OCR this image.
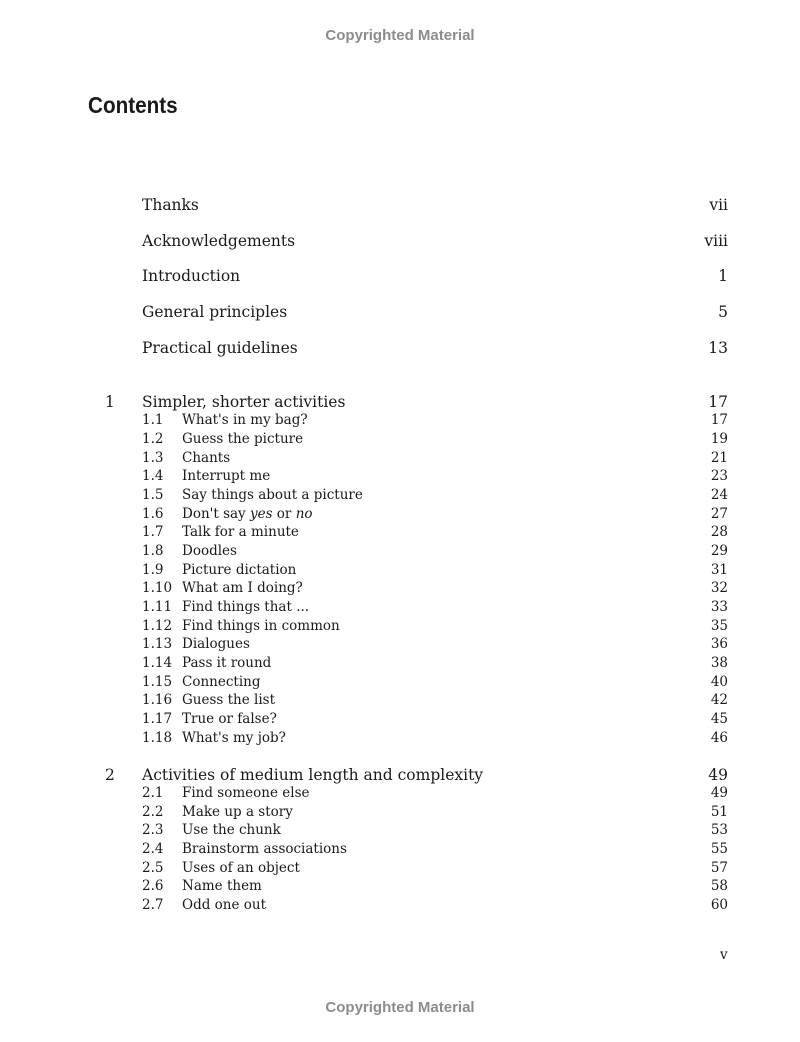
Copyrighted Material
Contents
Thanks	vii
Acknowledgements	viii
Introduction	1
General principles	5
Practical guidelines	13
1 Simpler, shorter activities	17
1.1 What's in my bag?	17
1.2 Guess the picture	19
1.3 Chants	21
1.4 Interrupt me	23
1.5 Say things about a picture	24
1.6 Don't say yes or no	27
1.7 Talk for a minute	28
1.8 Doodles	29
1.9 Picture dictation	31
1.10 What am I doing?	32
1.11 Find things that ...	33
1.12 Find things in common	35
1.13 Dialogues	36
1.14 Pass it round	38
1.15 Connecting	40
1.16 Guess the list	42
1.17 True or false?	45
1.18 What's my job?	46
2 Activities of medium length and complexity	49
2.1 Find someone else	49
2.2 Make up a story	51
2.3 Use the chunk	53
2.4 Brainstorm associations	55
2.5 Uses of an object	57
2.6 Name them	58
2.7 Odd one out	60
v
Copyrighted Material
